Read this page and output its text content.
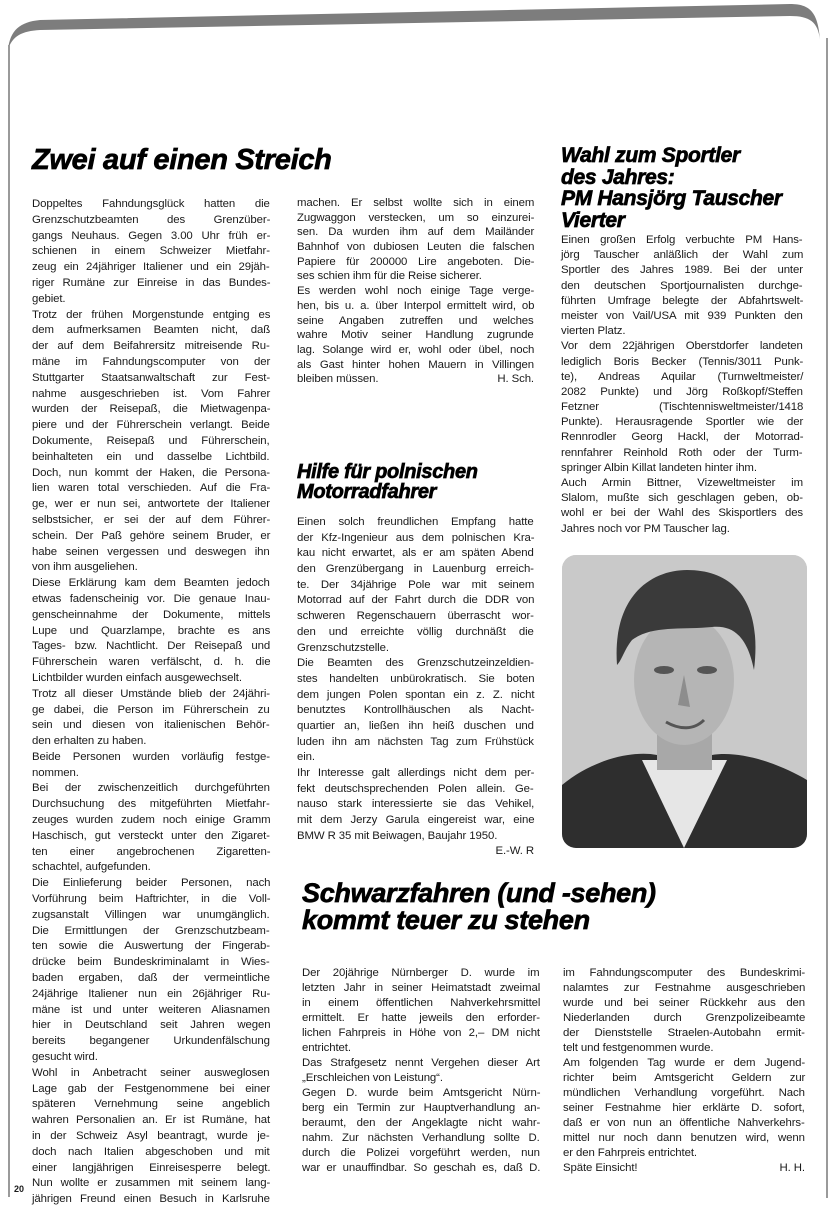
Zwei auf einen Streich
Doppeltes Fahndungsglück hatten die
Grenzschutzbeamten des Grenzüber-
gangs Neuhaus. Gegen 3.00 Uhr früh er-
schienen in einem Schweizer Mietfahr-
zeug ein 24jähriger Italiener und ein 29jäh-
riger Rumäne zur Einreise in das Bundes-
gebiet.
Trotz der frühen Morgenstunde entging es
dem aufmerksamen Beamten nicht, daß
der auf dem Beifahrersitz mitreisende Ru-
mäne im Fahndungscomputer von der
Stuttgarter Staatsanwaltschaft zur Fest-
nahme ausgeschrieben ist. Vom Fahrer
wurden der Reisepaß, die Mietwagenpa-
piere und der Führerschein verlangt. Beide
Dokumente, Reisepaß und Führerschein,
beinhalteten ein und dasselbe Lichtbild.
Doch, nun kommt der Haken, die Persona-
lien waren total verschieden. Auf die Fra-
ge, wer er nun sei, antwortete der Italiener
selbstsicher, er sei der auf dem Führer-
schein. Der Paß gehöre seinem Bruder, er
habe seinen vergessen und deswegen ihn
von ihm ausgeliehen.
Diese Erklärung kam dem Beamten jedoch
etwas fadenscheinig vor. Die genaue Inau-
genscheinnahme der Dokumente, mittels
Lupe und Quarzlampe, brachte es ans
Tages- bzw. Nachtlicht. Der Reisepaß und
Führerschein waren verfälscht, d. h. die
Lichtbilder wurden einfach ausgewechselt.
Trotz all dieser Umstände blieb der 24jähri-
ge dabei, die Person im Führerschein zu
sein und diesen von italienischen Behör-
den erhalten zu haben.
Beide Personen wurden vorläufig festge-
nommen.
Bei der zwischenzeitlich durchgeführten
Durchsuchung des mitgeführten Mietfahr-
zeuges wurden zudem noch einige Gramm
Haschisch, gut versteckt unter den Zigaret-
ten einer angebrochenen Zigaretten-
schachtel, aufgefunden.
Die Einlieferung beider Personen, nach
Vorführung beim Haftrichter, in die Voll-
zugsanstalt Villingen war unumgänglich.
Die Ermittlungen der Grenzschutzbeam-
ten sowie die Auswertung der Fingerab-
drücke beim Bundeskriminalamt in Wies-
baden ergaben, daß der vermeintliche
24jährige Italiener nun ein 26jähriger Ru-
mäne ist und unter weiteren Aliasnamen
hier in Deutschland seit Jahren wegen
bereits begangener Urkundenfälschung
gesucht wird.
Wohl in Anbetracht seiner ausweglosen
Lage gab der Festgenommene bei einer
späteren Vernehmung seine angeblich
wahren Personalien an. Er ist Rumäne, hat
in der Schweiz Asyl beantragt, wurde je-
doch nach Italien abgeschoben und mit
einer langjährigen Einreisesperre belegt.
Nun wollte er zusammen mit seinem lang-
jährigen Freund einen Besuch in Karlsruhe
machen. Er selbst wollte sich in einem
Zugwaggon verstecken, um so einzurei-
sen. Da wurden ihm auf dem Mailänder
Bahnhof von dubiosen Leuten die falschen
Papiere für 200000 Lire angeboten. Die-
ses schien ihm für die Reise sicherer.
Es werden wohl noch einige Tage verge-
hen, bis u. a. über Interpol ermittelt wird, ob
seine Angaben zutreffen und welches
wahre Motiv seiner Handlung zugrunde
lag. Solange wird er, wohl oder übel, noch
als Gast hinter hohen Mauern in Villingen
bleiben müssen.	H. Sch.
Hilfe für polnischen
Motorradfahrer
Einen solch freundlichen Empfang hatte
der Kfz-Ingenieur aus dem polnischen Kra-
kau nicht erwartet, als er am späten Abend
den Grenzübergang in Lauenburg erreich-
te. Der 34jährige Pole war mit seinem
Motorrad auf der Fahrt durch die DDR von
schweren Regenschauern überrascht wor-
den und erreichte völlig durchnäßt die
Grenzschutzstelle.
Die Beamten des Grenzschutzeinzeldien-
stes handelten unbürokratisch. Sie boten
dem jungen Polen spontan ein z. Z. nicht
benutztes Kontrollhäuschen als Nacht-
quartier an, ließen ihn heiß duschen und
luden ihn am nächsten Tag zum Frühstück
ein.
Ihr Interesse galt allerdings nicht dem per-
fekt deutschsprechenden Polen allein. Ge-
nauso stark interessierte sie das Vehikel,
mit dem Jerzy Garula eingereist war, eine
BMW R 35 mit Beiwagen, Baujahr 1950.
E.-W. R
Wahl zum Sportler
des Jahres:
PM Hansjörg Tauscher
Vierter
Einen großen Erfolg verbuchte PM Hans-
jörg Tauscher anläßlich der Wahl zum
Sportler des Jahres 1989. Bei der unter
den deutschen Sportjournalisten durchge-
führten Umfrage belegte der Abfahrtswelt-
meister von Vail/USA mit 939 Punkten den
vierten Platz.
Vor dem 22jährigen Oberstdorfer landeten
lediglich Boris Becker (Tennis/3011 Punk-
te), Andreas Aquilar (Turnweltmeister/
2082 Punkte) und Jörg Roßkopf/Steffen
Fetzner (Tischtennisweltmeister/1418
Punkte). Herausragende Sportler wie der
Rennrodler Georg Hackl, der Motorrad-
rennfahrer Reinhold Roth oder der Turm-
springer Albin Killat landeten hinter ihm.
Auch Armin Bittner, Vizeweltmeister im
Slalom, mußte sich geschlagen geben, ob-
wohl er bei der Wahl des Skisportlers des
Jahres noch vor PM Tauscher lag.
Schwarzfahren (und -sehen)
kommt teuer zu stehen
Der 20jährige Nürnberger D. wurde im
letzten Jahr in seiner Heimatstadt zweimal
in einem öffentlichen Nahverkehrsmittel
ermittelt. Er hatte jeweils den erforder-
lichen Fahrpreis in Höhe von 2,– DM nicht
entrichtet.
Das Strafgesetz nennt Vergehen dieser Art
„Erschleichen von Leistung“.
Gegen D. wurde beim Amtsgericht Nürn-
berg ein Termin zur Hauptverhandlung an-
beraumt, den der Angeklagte nicht wahr-
nahm. Zur nächsten Verhandlung sollte D.
durch die Polizei vorgeführt werden, nun
war er unauffindbar. So geschah es, daß D.
im Fahndungscomputer des Bundeskrimi-
nalamtes zur Festnahme ausgeschrieben
wurde und bei seiner Rückkehr aus den
Niederlanden durch Grenzpolizeibeamte
der Dienststelle Straelen-Autobahn ermit-
telt und festgenommen wurde.
Am folgenden Tag wurde er dem Jugend-
richter beim Amtsgericht Geldern zur
mündlichen Verhandlung vorgeführt. Nach
seiner Festnahme hier erklärte D. sofort,
daß er von nun an öffentliche Nahverkehrs-
mittel nur noch dann benutzen wird, wenn
er den Fahrpreis entrichtet.
Späte Einsicht!	H. H.
20
